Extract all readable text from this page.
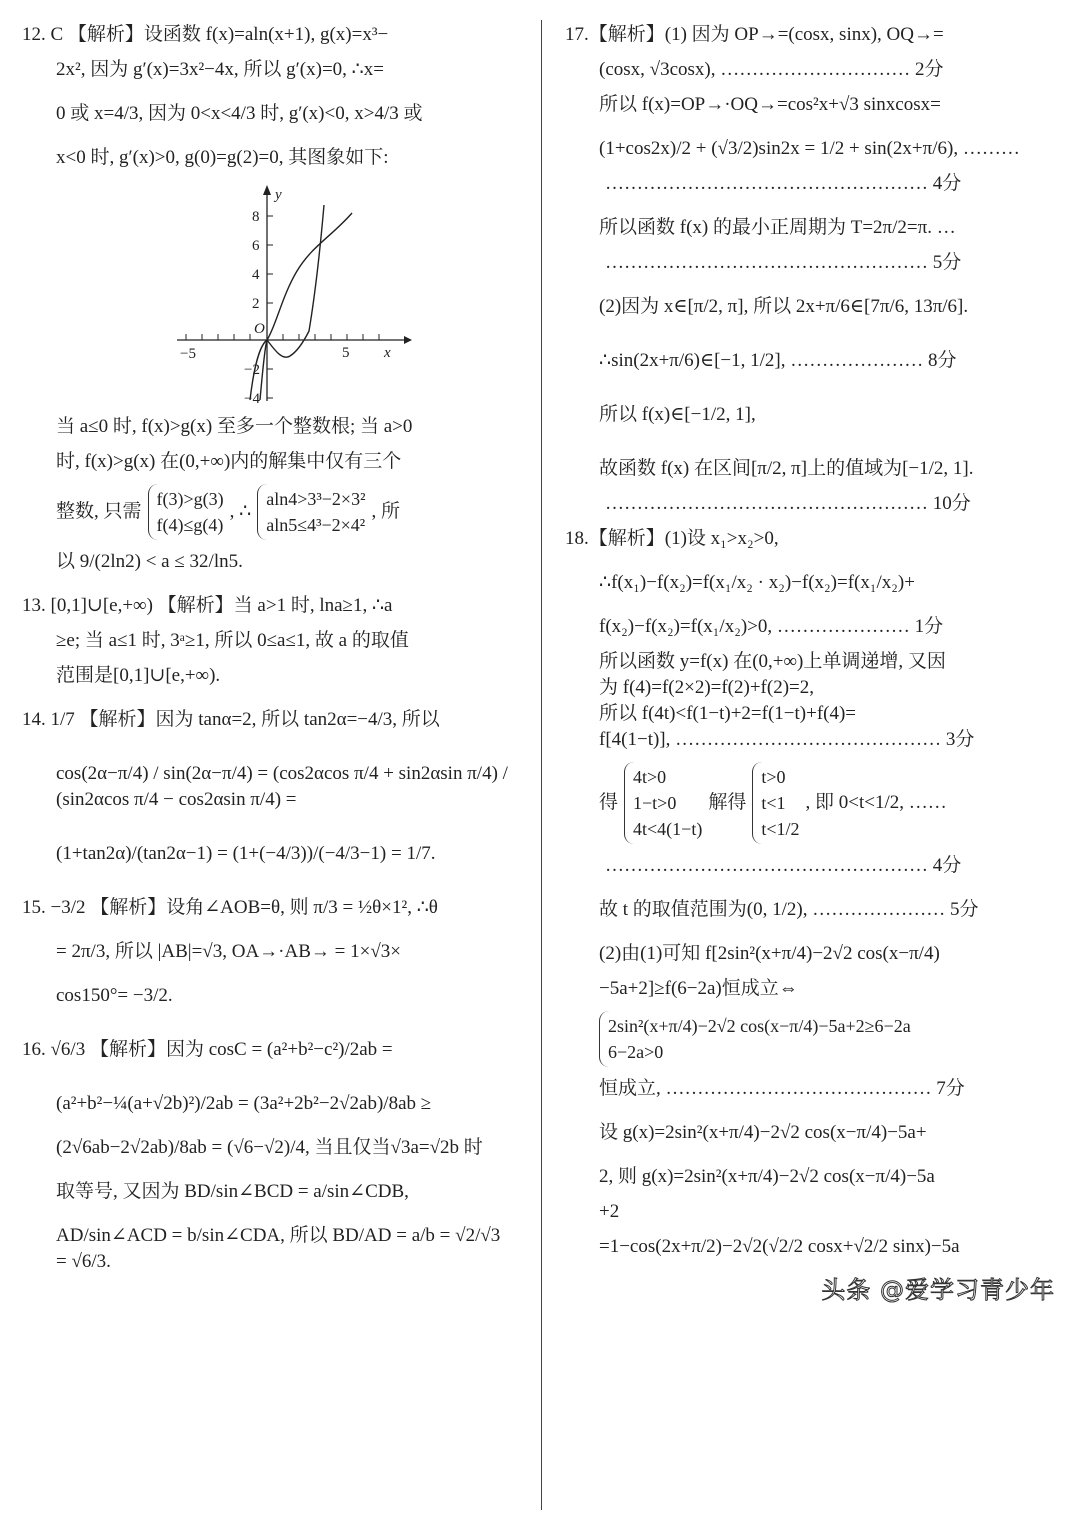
12. C 【解析】设函数 f(x)=aln(x+1), g(x)=x³−
2x², 因为 g′(x)=3x²−4x, 所以 g′(x)=0, ∴x=
0 或 x=4/3, 因为 0<x<4/3 时, g′(x)<0, x>4/3 或
x<0 时, g′(x)>0, g(0)=g(2)=0, 其图象如下:
y
x
8
6
4
2
−2
−4
−5	5
O
当 a≤0 时, f(x)>g(x) 至多一个整数根; 当 a>0
时, f(x)>g(x) 在(0,+∞)内的解集中仅有三个
整数, 只需
f(3)>g(3)
f(4)≤g(4)
, ∴
aln4>3³−2×3²
aln5≤4³−2×4²
, 所
以 9/(2ln2) < a ≤ 32/ln5.
13. [0,1]∪[e,+∞) 【解析】当 a>1 时, lna≥1, ∴a
≥e; 当 a≤1 时, 3ᵃ≥1, 所以 0≤a≤1, 故 a 的取值
范围是[0,1]∪[e,+∞).
14. 1/7 【解析】因为 tanα=2, 所以 tan2α=−4/3, 所以
cos(2α−π/4) / sin(2α−π/4) = (cos2αcos π/4 + sin2αsin π/4) / (sin2αcos π/4 − cos2αsin π/4) =
(1+tan2α)/(tan2α−1) = (1+(−4/3))/(−4/3−1) = 1/7.
15. −3/2 【解析】设角∠AOB=θ, 则 π/3 = ½θ×1², ∴θ
= 2π/3, 所以 |AB|=√3, OA→·AB→ = 1×√3×
cos150°= −3/2.
16. √6/3 【解析】因为 cosC = (a²+b²−c²)/2ab =
(a²+b²−¼(a+√2b)²)/2ab = (3a²+2b²−2√2ab)/8ab ≥
(2√6ab−2√2ab)/8ab = (√6−√2)/4, 当且仅当√3a=√2b 时
取等号, 又因为 BD/sin∠BCD = a/sin∠CDB,
AD/sin∠ACD = b/sin∠CDA, 所以 BD/AD = a/b = √2/√3 = √6/3.
17.【解析】(1) 因为 OP→=(cosx, sinx), OQ→=
(cosx, √3cosx), ………………………… 2分
所以 f(x)=OP→·OQ→=cos²x+√3 sinxcosx=
(1+cos2x)/2 + (√3/2)sin2x = 1/2 + sin(2x+π/6), ………
…………………………………………… 4分
所以函数 f(x) 的最小正周期为 T=2π/2=π. …
…………………………………………… 5分
(2)因为 x∈[π/2, π], 所以 2x+π/6∈[7π/6, 13π/6].
∴sin(2x+π/6)∈[−1, 1/2], ………………… 8分
所以 f(x)∈[−1/2, 1],
故函数 f(x) 在区间[π/2, π]上的值域为[−1/2, 1].
…………………………………………… 10分
18.【解析】(1)设 x₁>x₂>0,
∴f(x₁)−f(x₂)=f(x₁/x₂ · x₂)−f(x₂)=f(x₁/x₂)+
f(x₂)−f(x₂)=f(x₁/x₂)>0, ………………… 1分
所以函数 y=f(x) 在(0,+∞)上单调递增, 又因
为 f(4)=f(2×2)=f(2)+f(2)=2,
所以 f(4t)<f(1−t)+2=f(1−t)+f(4)=
f[4(1−t)], …………………………………… 3分
得
4t>0
1−t>0
4t<4(1−t)
解得
t>0
t<1
t<1/2
, 即 0<t<1/2, ……
…………………………………………… 4分
故 t 的取值范围为(0, 1/2), ………………… 5分
(2)由(1)可知 f[2sin²(x+π/4)−2√2 cos(x−π/4)
−5a+2]≥f(6−2a)恒成立⇔
2sin²(x+π/4)−2√2 cos(x−π/4)−5a+2≥6−2a
6−2a>0
恒成立, …………………………………… 7分
设 g(x)=2sin²(x+π/4)−2√2 cos(x−π/4)−5a+
2, 则 g(x)=2sin²(x+π/4)−2√2 cos(x−π/4)−5a
+2
=1−cos(2x+π/2)−2√2(√2/2 cosx+√2/2 sinx)−5a
头条 @爱学习青少年
